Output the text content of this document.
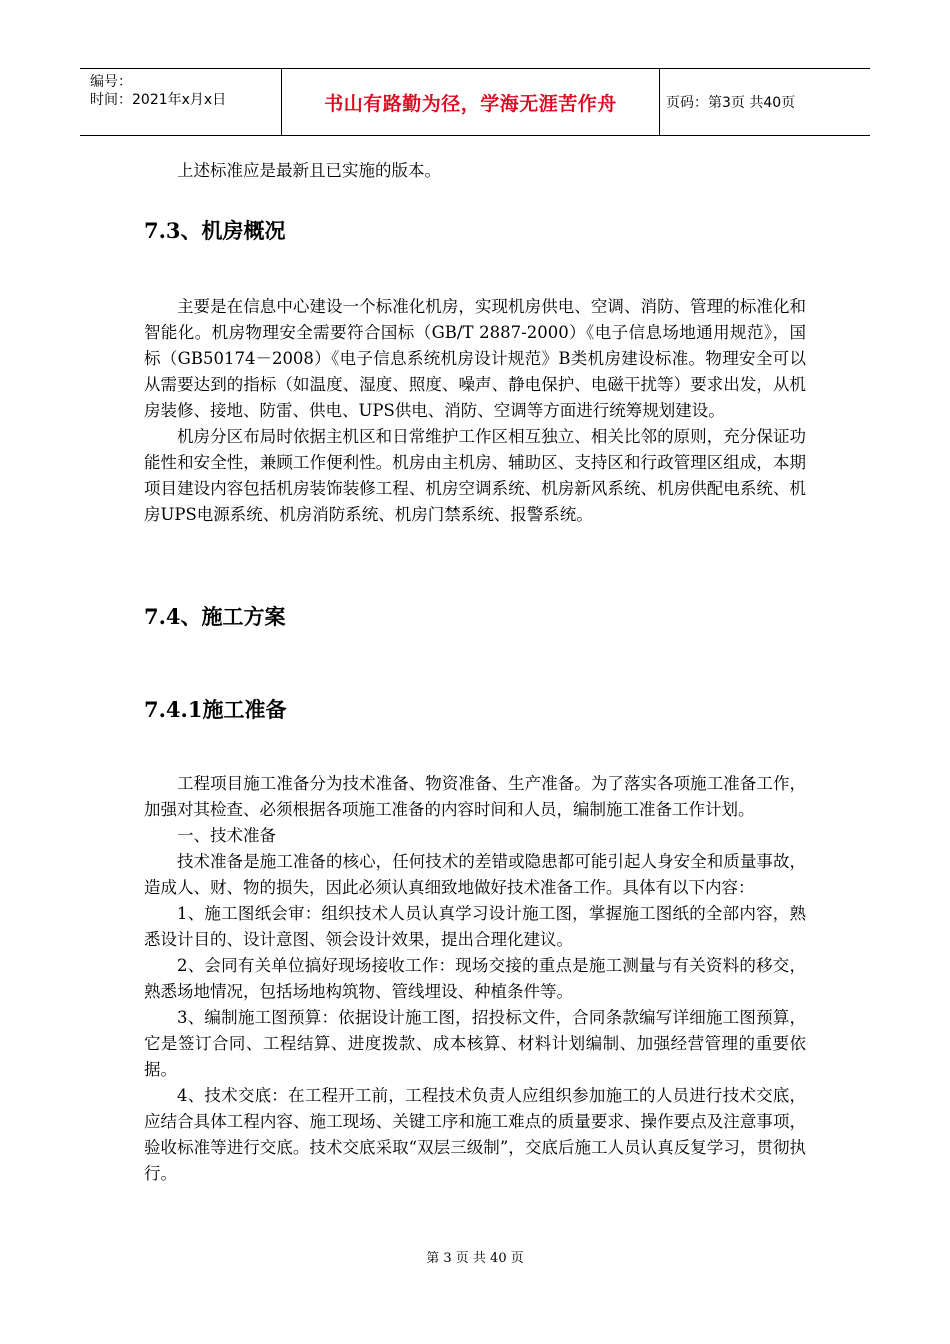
编号：
时间：2021年x月x日	书山有路勤为径，学海无涯苦作舟	页码：第3页 共40页

上述标准应是最新且已实施的版本。

7.3、机房概况

主要是在信息中心建设一个标准化机房，实现机房供电、空调、消防、管理的标准化和智能化。机房物理安全需要符合国标（GB/T 2887-2000）《电子信息场地通用规范》，国标（GB50174－2008）《电子信息系统机房设计规范》B类机房建设标准。物理安全可以从需要达到的指标（如温度、湿度、照度、噪声、静电保护、电磁干扰等）要求出发，从机房装修、接地、防雷、供电、UPS供电、消防、空调等方面进行统筹规划建设。

机房分区布局时依据主机区和日常维护工作区相互独立、相关比邻的原则，充分保证功能性和安全性，兼顾工作便利性。机房由主机房、辅助区、支持区和行政管理区组成，本期项目建设内容包括机房装饰装修工程、机房空调系统、机房新风系统、机房供配电系统、机房UPS电源系统、机房消防系统、机房门禁系统、报警系统。

7.4、施工方案
7.4.1施工准备

工程项目施工准备分为技术准备、物资准备、生产准备。为了落实各项施工准备工作，加强对其检查、必须根据各项施工准备的内容时间和人员，编制施工准备工作计划。

一、技术准备

技术准备是施工准备的核心，任何技术的差错或隐患都可能引起人身安全和质量事故，造成人、财、物的损失，因此必须认真细致地做好技术准备工作。具体有以下内容：

1、施工图纸会审：组织技术人员认真学习设计施工图，掌握施工图纸的全部内容，熟悉设计目的、设计意图、领会设计效果，提出合理化建议。

2、会同有关单位搞好现场接收工作：现场交接的重点是施工测量与有关资料的移交，熟悉场地情况，包括场地构筑物、管线埋设、种植条件等。

3、编制施工图预算：依据设计施工图，招投标文件，合同条款编写详细施工图预算，它是签订合同、工程结算、进度拨款、成本核算、材料计划编制、加强经营管理的重要依据。

4、技术交底：在工程开工前，工程技术负责人应组织参加施工的人员进行技术交底，应结合具体工程内容、施工现场、关键工序和施工难点的质量要求、操作要点及注意事项，验收标准等进行交底。技术交底采取“双层三级制”，交底后施工人员认真反复学习，贯彻执行。

第 3 页 共 40 页
